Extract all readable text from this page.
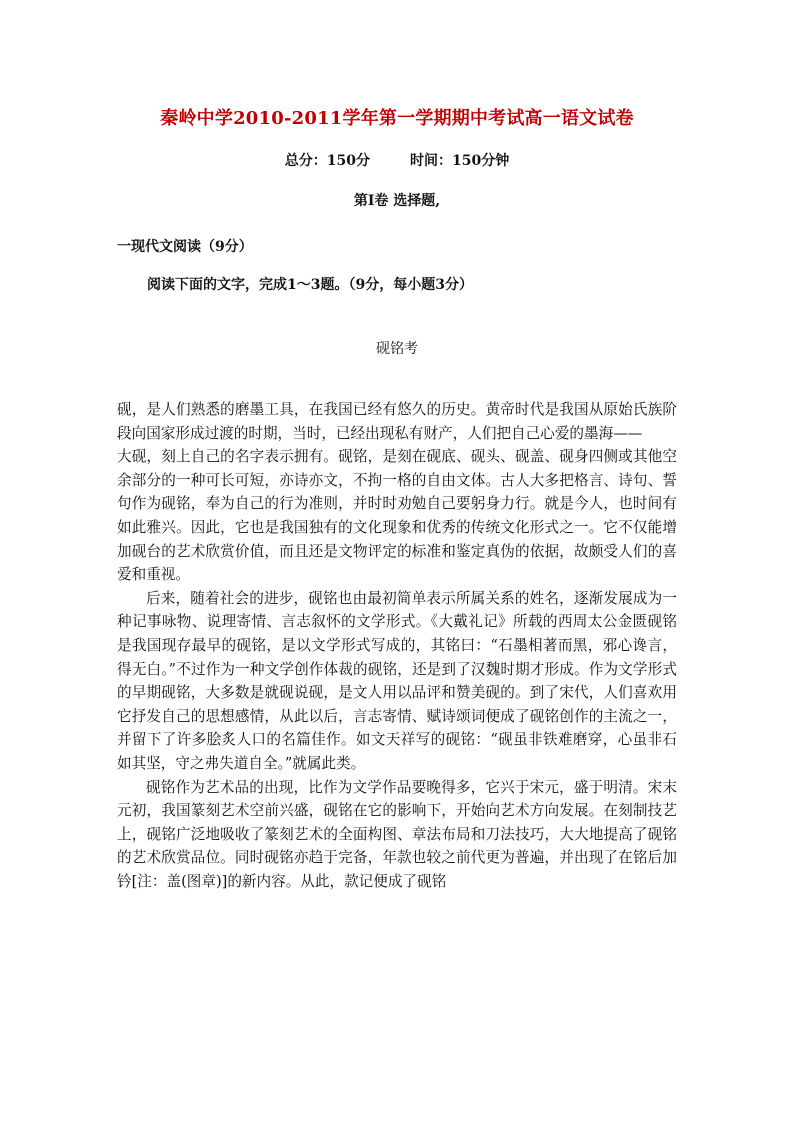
秦岭中学2010-2011学年第一学期期中考试高一语文试卷
总分：150分	时间：150分钟
第Ⅰ卷 选择题,
一现代文阅读（9分）
阅读下面的文字，完成1～3题。（9分，每小题3分）
砚铭考

砚，是人们熟悉的磨墨工具，在我国已经有悠久的历史。黄帝时代是我国从原始氏族阶段向国家形成过渡的时期，当时，已经出现私有财产，人们把自己心爱的墨海——

大砚，刻上自己的名字表示拥有。砚铭，是刻在砚底、砚头、砚盖、砚身四侧或其他空余部分的一种可长可短，亦诗亦文，不拘一格的自由文体。古人大多把格言、诗句、誓句作为砚铭，奉为自己的行为准则，并时时劝勉自己要躬身力行。就是今人，也时间有如此雅兴。因此，它也是我国独有的文化现象和优秀的传统文化形式之一。它不仅能增加砚台的艺术欣赏价值，而且还是文物评定的标准和鉴定真伪的依据，故颇受人们的喜爱和重视。

后来，随着社会的进步，砚铭也由最初简单表示所属关系的姓名，逐渐发展成为一种记事咏物、说理寄情、言志叙怀的文学形式。《大戴礼记》所载的西周太公金匮砚铭是我国现存最早的砚铭，是以文学形式写成的，其铭曰：“石墨相著而黑，邪心谗言，得无白。”不过作为一种文学创作体裁的砚铭，还是到了汉魏时期才形成。作为文学形式的早期砚铭，大多数是就砚说砚，是文人用以品评和赞美砚的。到了宋代，人们喜欢用它抒发自己的思想感情，从此以后，言志寄情、赋诗颂词便成了砚铭创作的主流之一，并留下了许多脍炙人口的名篇佳作。如文天祥写的砚铭：“砚虽非铁难磨穿，心虽非石如其坚，守之弗失道自全。”就属此类。

砚铭作为艺术品的出现，比作为文学作品要晚得多，它兴于宋元，盛于明清。宋末元初，我国篆刻艺术空前兴盛，砚铭在它的影响下，开始向艺术方向发展。在刻制技艺上，砚铭广泛地吸收了篆刻艺术的全面构图、章法布局和刀法技巧，大大地提高了砚铭的艺术欣赏品位。同时砚铭亦趋于完备，年款也较之前代更为普遍，并出现了在铭后加钤[注：盖(图章)]的新内容。从此，款记便成了砚铭
